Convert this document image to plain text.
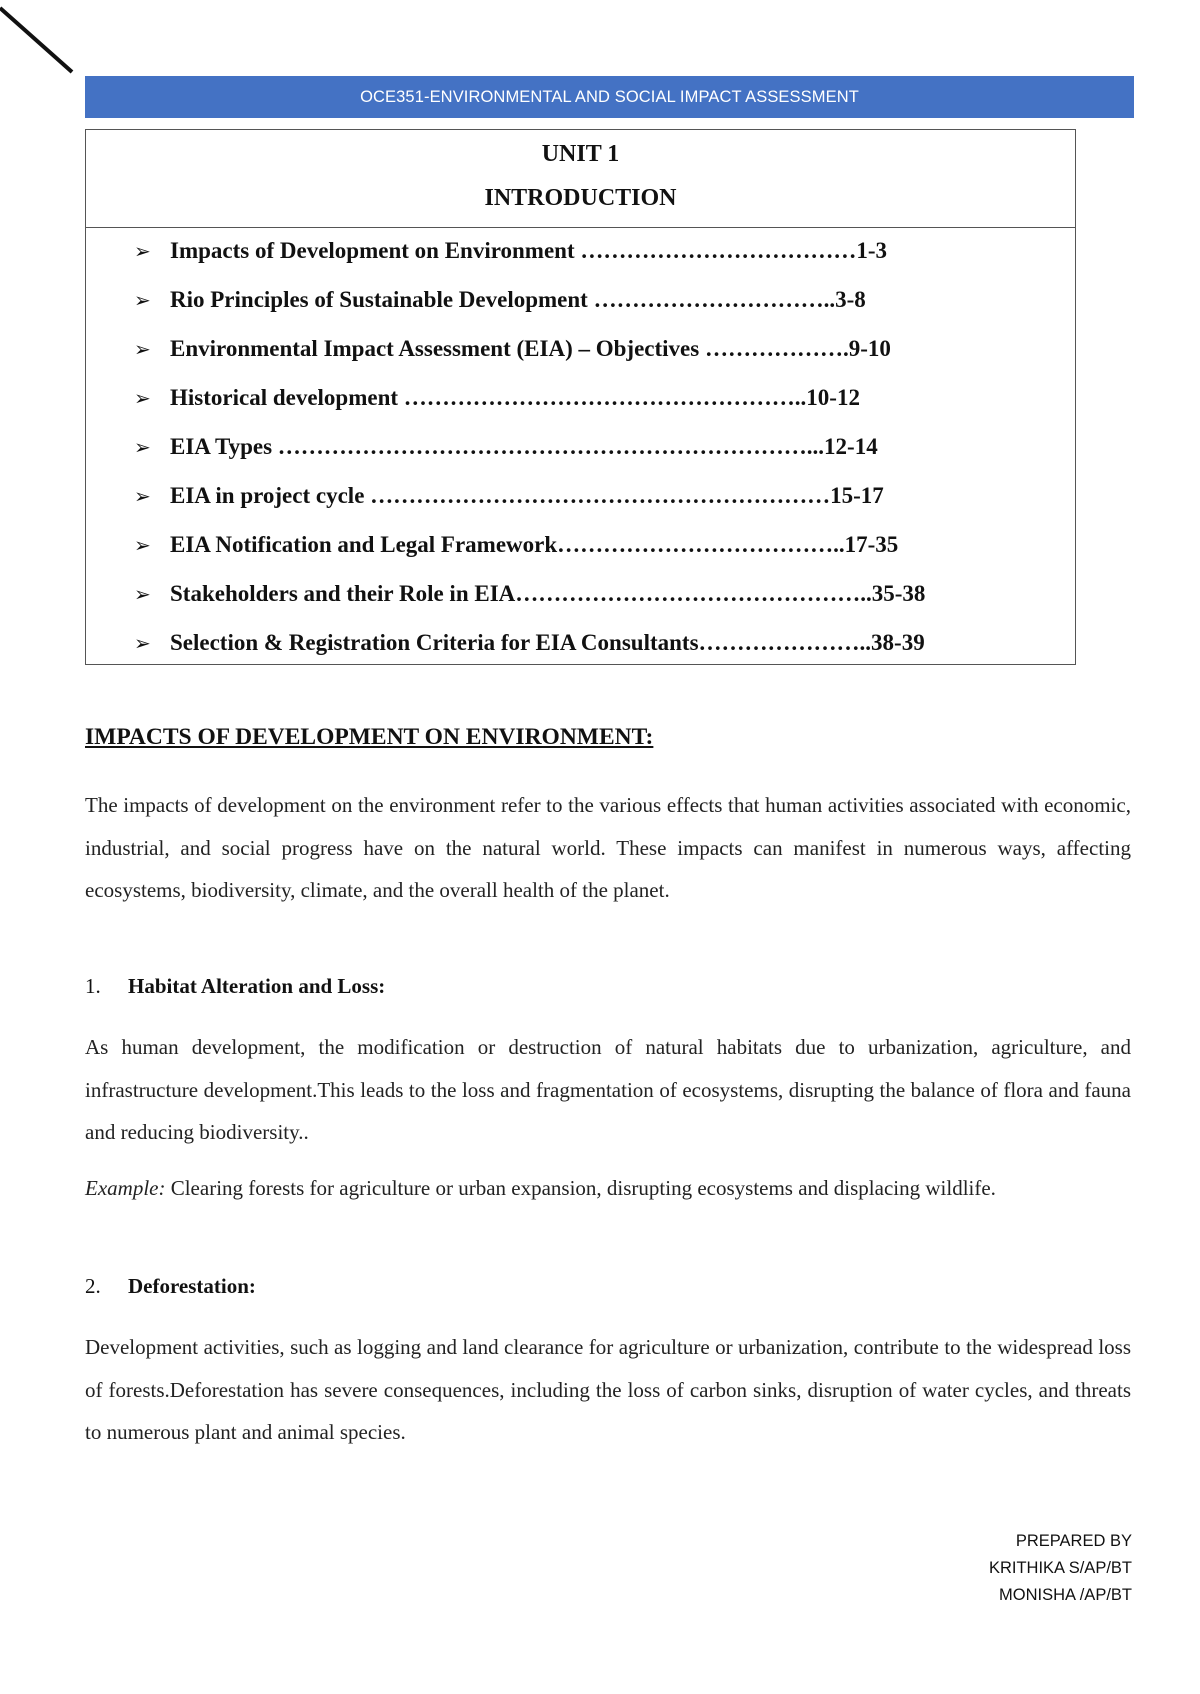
OCE351-ENVIRONMENTAL AND SOCIAL IMPACT ASSESSMENT
UNIT 1
INTRODUCTION
➢ Impacts of Development on Environment ………………………………1-3
➢ Rio Principles of Sustainable Development …………………………..3-8
➢ Environmental Impact Assessment (EIA) – Objectives ……………….9-10
➢ Historical development ……………………………………………..10-12
➢ EIA Types ……………………………………………………………...12-14
➢ EIA in project cycle ……………………………………………………15-17
➢ EIA Notification and Legal Framework………………………………..17-35
➢ Stakeholders and their Role in EIA………………………………………..35-38
➢ Selection & Registration Criteria for EIA Consultants…………………..38-39
IMPACTS OF DEVELOPMENT ON ENVIRONMENT:

The impacts of development on the environment refer to the various effects that human activities associated with economic, industrial, and social progress have on the natural world. These impacts can manifest in numerous ways, affecting ecosystems, biodiversity, climate, and the overall health of the planet.

1.	Habitat Alteration and Loss:

As human development, the modification or destruction of natural habitats due to urbanization, agriculture, and infrastructure development.This leads to the loss and fragmentation of ecosystems, disrupting the balance of flora and fauna and reducing biodiversity..

Example: Clearing forests for agriculture or urban expansion, disrupting ecosystems and displacing wildlife.

2.	Deforestation:

Development activities, such as logging and land clearance for agriculture or urbanization, contribute to the widespread loss of forests.Deforestation has severe consequences, including the loss of carbon sinks, disruption of water cycles, and threats to numerous plant and animal species.

PREPARED BY
KRITHIKA S/AP/BT
MONISHA /AP/BT
